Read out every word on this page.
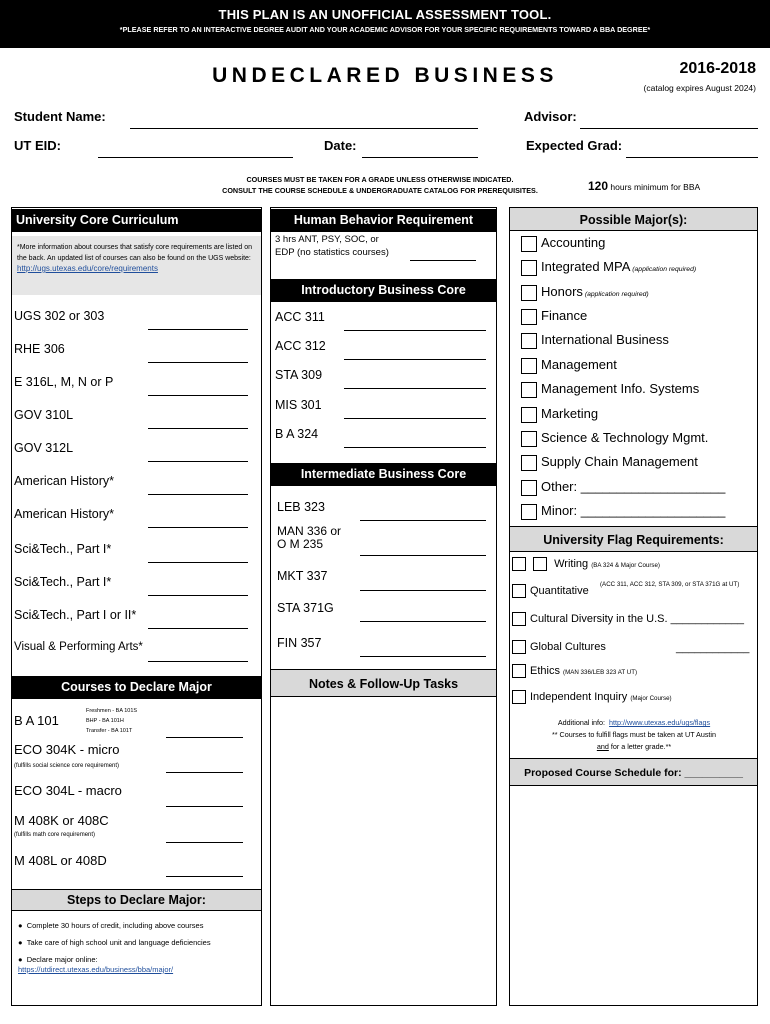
THIS PLAN IS AN UNOFFICIAL ASSESSMENT TOOL.
*PLEASE REFER TO AN INTERACTIVE DEGREE AUDIT AND YOUR ACADEMIC ADVISOR FOR YOUR SPECIFIC REQUIREMENTS TOWARD A BBA DEGREE*
UNDECLARED BUSINESS	2016-2018
(catalog expires August 2024)
Student Name:	Advisor:
UT EID:	Date:	Expected Grad:
COURSES MUST BE TAKEN FOR A GRADE UNLESS OTHERWISE INDICATED.
CONSULT THE COURSE SCHEDULE & UNDERGRADUATE CATALOG FOR PREREQUISITES.	120 hours minimum for BBA
University Core Curriculum
*More information about courses that satisfy core requirements are listed on the back. An updated list of courses can also be found on the UGS website:
http://ugs.utexas.edu/core/requirements
UGS 302 or 303
RHE 306
E 316L, M, N or P
GOV 310L
GOV 312L
American History*
American History*
Sci&Tech., Part I*
Sci&Tech., Part I*
Sci&Tech., Part I or II*
Visual & Performing Arts*
Courses to Declare Major
B A 101
Freshmen - BA 101S
BHP - BA 101H
Transfer - BA 101T
ECO 304K - micro
(fulfills social science core requirement)
ECO 304L - macro
M 408K or 408C
(fulfills math core requirement)
M 408L or 408D
Steps to Declare Major:
●  Complete 30 hours of credit, including above courses
●  Take care of high school unit and language deficiencies
●  Declare major online:
https://utdirect.utexas.edu/business/bba/major/
Human Behavior Requirement
3 hrs ANT, PSY, SOC, or
EDP (no statistics courses)
Introductory Business Core
ACC 311
ACC 312
STA 309
MIS 301
B A 324
Intermediate Business Core
LEB 323
MAN 336 or
O M 235
MKT 337
STA 371G
FIN 357
Notes & Follow-Up Tasks
Possible Major(s):
Accounting
Integrated MPA (application required)
Honors (application required)
Finance
International Business
Management
Management Info. Systems
Marketing
Science & Technology Mgmt.
Supply Chain Management
Other: ____________________
Minor: ____________________
University Flag Requirements:
Writing (BA 324 & Major Course)
Quantitative
(ACC 311, ACC 312, STA 309, or STA 371G at UT)
Cultural Diversity in the U.S. ____________
Global Cultures	____________
Ethics (MAN 336/LEB 323 AT UT)
Independent Inquiry (Major Course)
Additional info: http://www.utexas.edu/ugs/flags
** Courses to fulfill flags must be taken at UT Austin
and for a letter grade.**
Proposed Course Schedule for: __________
